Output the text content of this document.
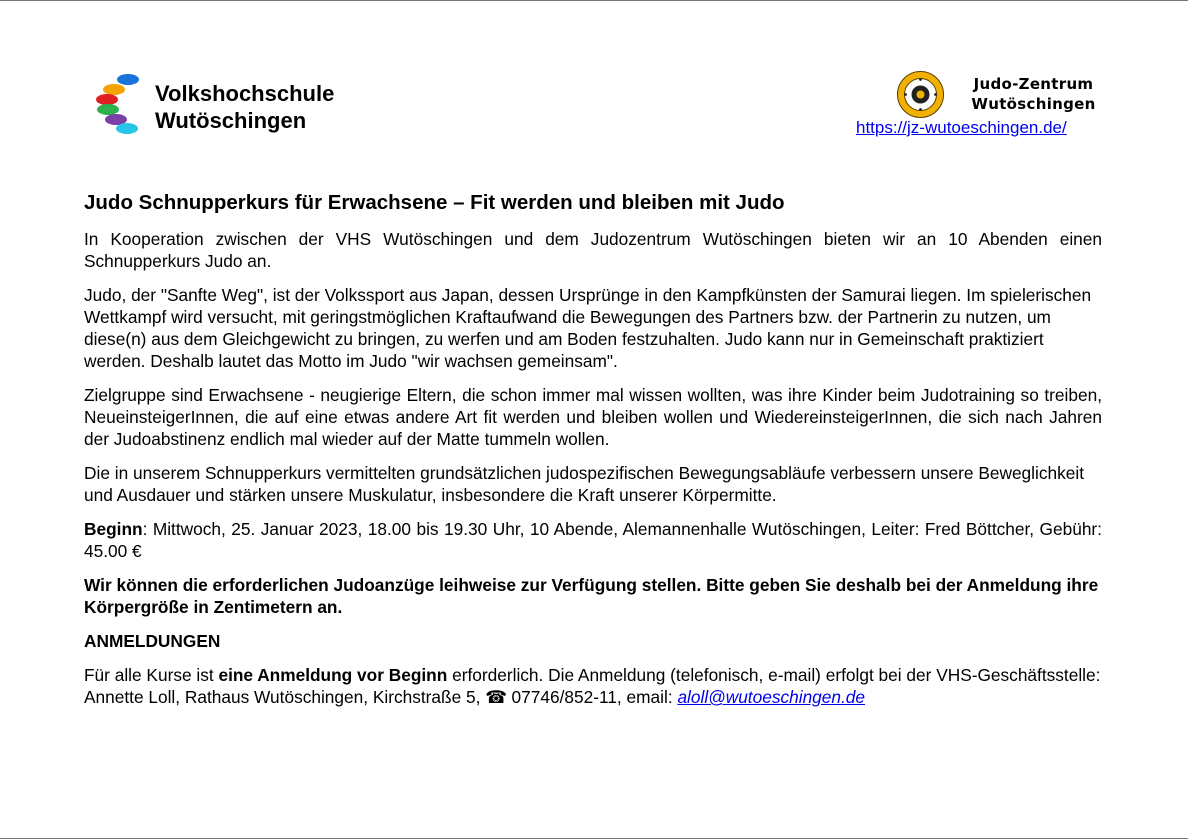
Volkshochschule
Wutöschingen
Judo-Zentrum
Wutöschingen
https://jz-wutoeschingen.de/
Judo Schnupperkurs für Erwachsene – Fit werden und bleiben mit Judo

In Kooperation zwischen der VHS Wutöschingen und dem Judozentrum Wutöschingen bieten wir an 10 Abenden einen Schnupperkurs Judo an.

Judo, der "Sanfte Weg", ist der Volkssport aus Japan, dessen Ursprünge in den Kampfkünsten der Samurai liegen. Im spielerischen Wettkampf wird versucht, mit geringstmöglichen Kraftaufwand die Bewegungen des Partners bzw. der Partnerin zu nutzen, um diese(n) aus dem Gleichgewicht zu bringen, zu werfen und am Boden festzuhalten. Judo kann nur in Gemeinschaft praktiziert werden. Deshalb lautet das Motto im Judo "wir wachsen gemeinsam".

Zielgruppe sind Erwachsene - neugierige Eltern, die schon immer mal wissen wollten, was ihre Kinder beim Judotraining so treiben, NeueinsteigerInnen, die auf eine etwas andere Art fit werden und bleiben wollen und WiedereinsteigerInnen, die sich nach Jahren der Judoabstinenz endlich mal wieder auf der Matte tummeln wollen.

Die in unserem Schnupperkurs vermittelten grundsätzlichen judospezifischen Bewegungsabläufe verbessern unsere Beweglichkeit und Ausdauer und stärken unsere Muskulatur, insbesondere die Kraft unserer Körpermitte.

Beginn: Mittwoch, 25. Januar 2023, 18.00 bis 19.30 Uhr, 10 Abende, Alemannenhalle Wutöschingen, Leiter: Fred Böttcher, Gebühr: 45.00 €

Wir können die erforderlichen Judoanzüge leihweise zur Verfügung stellen. Bitte geben Sie deshalb bei der Anmeldung ihre Körpergröße in Zentimetern an.

ANMELDUNGEN

Für alle Kurse ist eine Anmeldung vor Beginn erforderlich. Die Anmeldung (telefonisch, e-mail) erfolgt bei der VHS-Geschäftsstelle:
Annette Loll, Rathaus Wutöschingen, Kirchstraße 5, ☎ 07746/852-11, email: aloll@wutoeschingen.de
